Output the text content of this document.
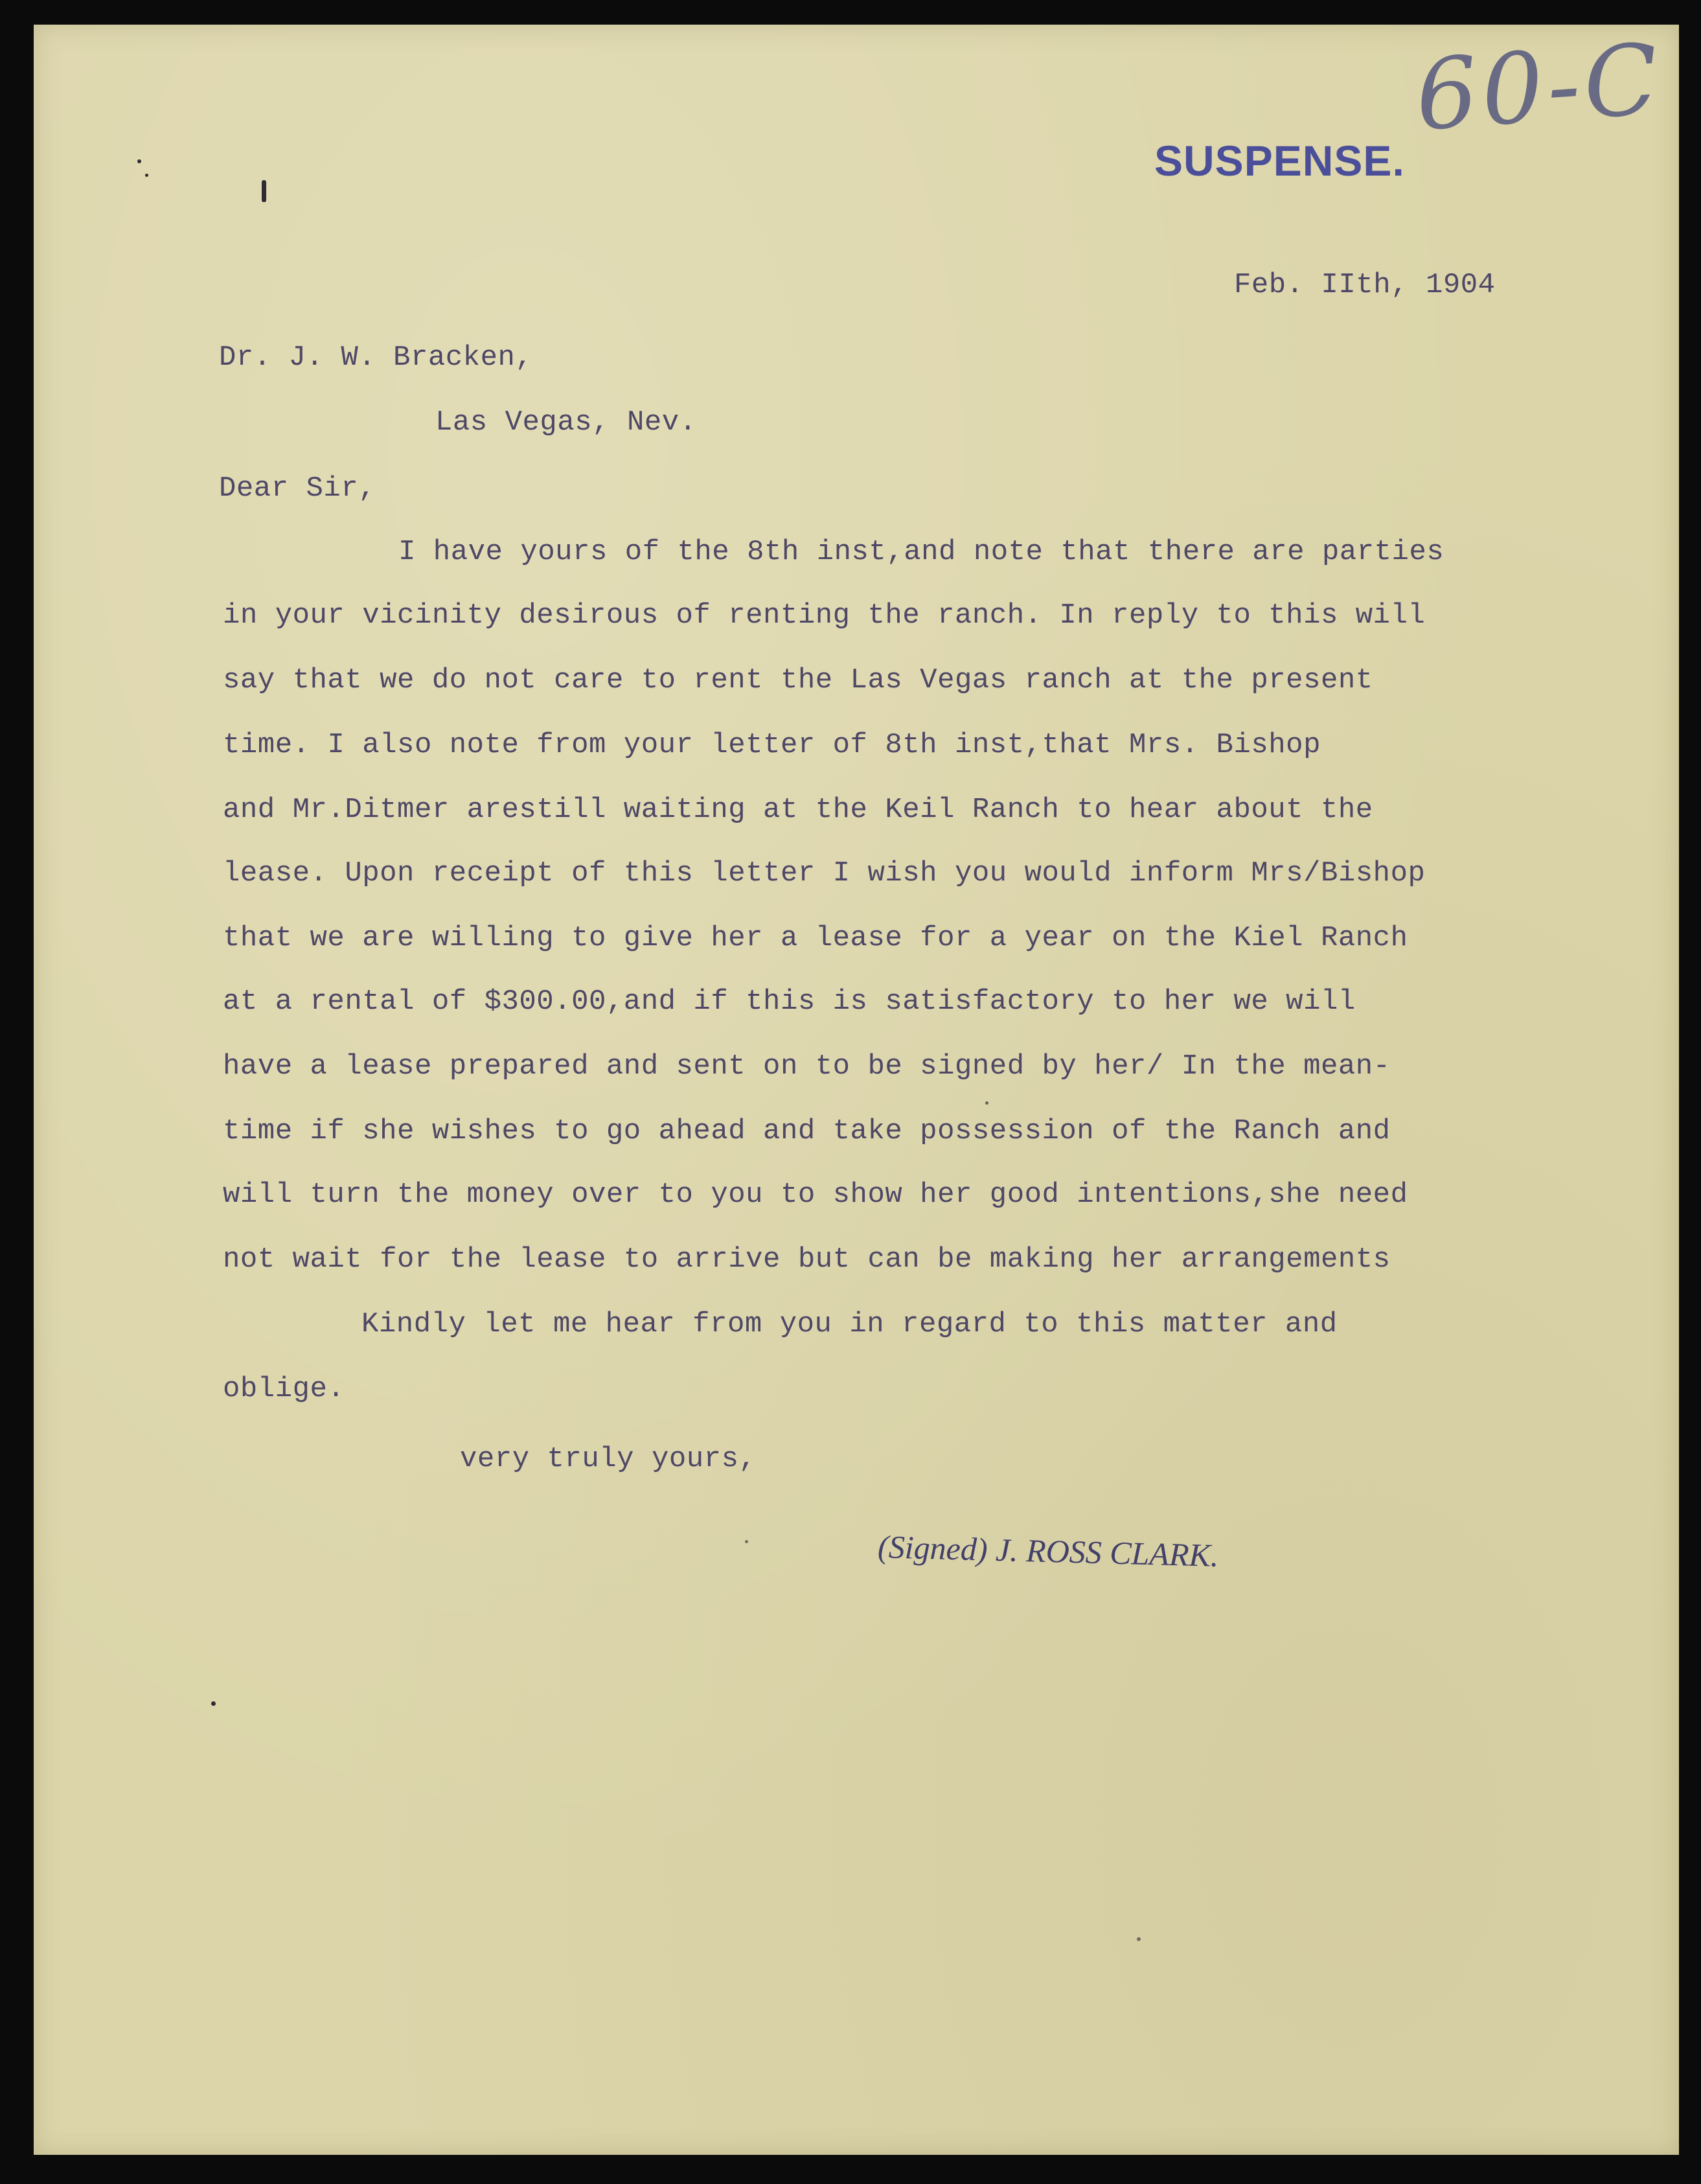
60-C
SUSPENSE.
Feb. IIth, 1904
Dr. J. W. Bracken,
Las Vegas, Nev.
Dear Sir,
I have yours of the 8th inst,and note that there are parties
in your vicinity desirous of renting the ranch. In reply to this will
say that we do not care to rent the Las Vegas ranch at the present
time. I also note from your letter of 8th inst,that Mrs. Bishop
and Mr.Ditmer arestill waiting at the Keil Ranch to hear about the
lease. Upon receipt of this letter I wish you would inform Mrs/Bishop
that we are willing to give her a lease for a year on the Kiel Ranch
at a rental of $300.00,and if this is satisfactory to her we will
have a lease prepared and sent on to be signed by her/ In the mean-
time if she wishes to go ahead and take possession of the Ranch and
will turn the money over to you to show her good intentions,she need
not wait for the lease to arrive but can be making her arrangements
Kindly let me hear from you in regard to this matter and
oblige.
very truly yours,
(Signed) J. ROSS CLARK.
